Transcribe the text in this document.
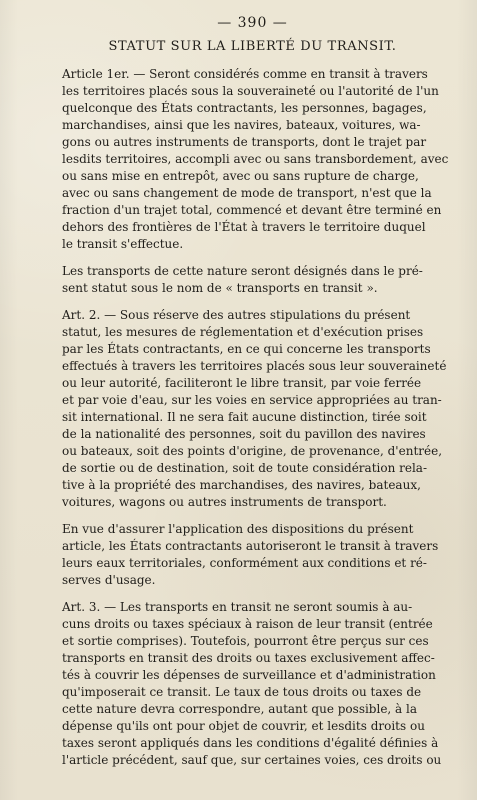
— 390 —
STATUT SUR LA LIBERTÉ DU TRANSIT.
Article 1er. — Seront considérés comme en transit à travers
les territoires placés sous la souveraineté ou l'autorité de l'un
quelconque des États contractants, les personnes, bagages,
marchandises, ainsi que les navires, bateaux, voitures, wa-
gons ou autres instruments de transports, dont le trajet par
lesdits territoires, accompli avec ou sans transbordement, avec
ou sans mise en entrepôt, avec ou sans rupture de charge,
avec ou sans changement de mode de transport, n'est que la
fraction d'un trajet total, commencé et devant être terminé en
dehors des frontières de l'État à travers le territoire duquel
le transit s'effectue.
Les transports de cette nature seront désignés dans le pré-
sent statut sous le nom de « transports en transit ».
Art. 2. — Sous réserve des autres stipulations du présent
statut, les mesures de réglementation et d'exécution prises
par les États contractants, en ce qui concerne les transports
effectués à travers les territoires placés sous leur souveraineté
ou leur autorité, faciliteront le libre transit, par voie ferrée
et par voie d'eau, sur les voies en service appropriées au tran-
sit international. Il ne sera fait aucune distinction, tirée soit
de la nationalité des personnes, soit du pavillon des navires
ou bateaux, soit des points d'origine, de provenance, d'entrée,
de sortie ou de destination, soit de toute considération rela-
tive à la propriété des marchandises, des navires, bateaux,
voitures, wagons ou autres instruments de transport.
En vue d'assurer l'application des dispositions du présent
article, les États contractants autoriseront le transit à travers
leurs eaux territoriales, conformément aux conditions et ré-
serves d'usage.
Art. 3. — Les transports en transit ne seront soumis à au-
cuns droits ou taxes spéciaux à raison de leur transit (entrée
et sortie comprises). Toutefois, pourront être perçus sur ces
transports en transit des droits ou taxes exclusivement affec-
tés à couvrir les dépenses de surveillance et d'administration
qu'imposerait ce transit. Le taux de tous droits ou taxes de
cette nature devra correspondre, autant que possible, à la
dépense qu'ils ont pour objet de couvrir, et lesdits droits ou
taxes seront appliqués dans les conditions d'égalité définies à
l'article précédent, sauf que, sur certaines voies, ces droits ou
